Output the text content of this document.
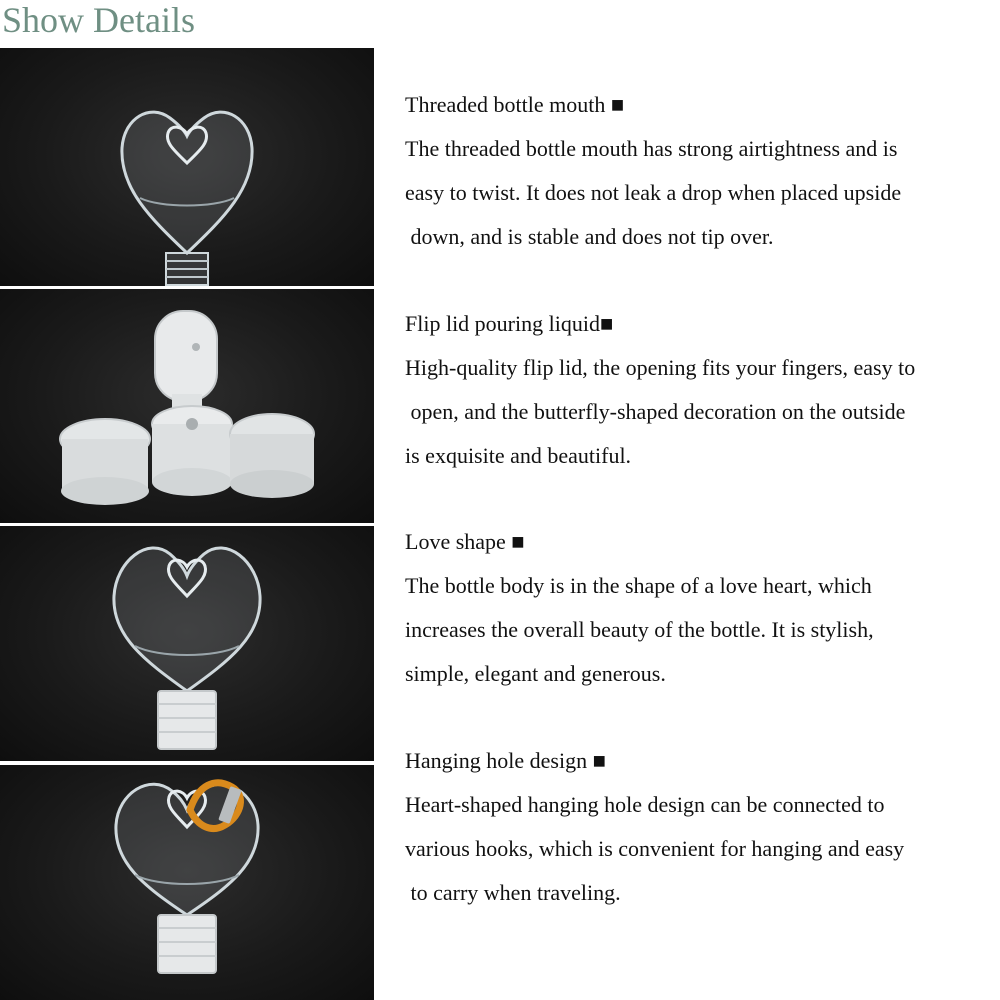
Show Details
Threaded bottle mouth ■
The threaded bottle mouth has strong airtightness and is
easy to twist. It does not leak a drop when placed upside
down, and is stable and does not tip over.
Flip lid pouring liquid■
High-quality flip lid, the opening fits your fingers, easy to
open, and the butterfly-shaped decoration on the outside
is exquisite and beautiful.
Love shape ■
The bottle body is in the shape of a love heart, which
increases the overall beauty of the bottle. It is stylish,
simple, elegant and generous.
Hanging hole design ■
Heart-shaped hanging hole design can be connected to
various hooks, which is convenient for hanging and easy
to carry when traveling.
